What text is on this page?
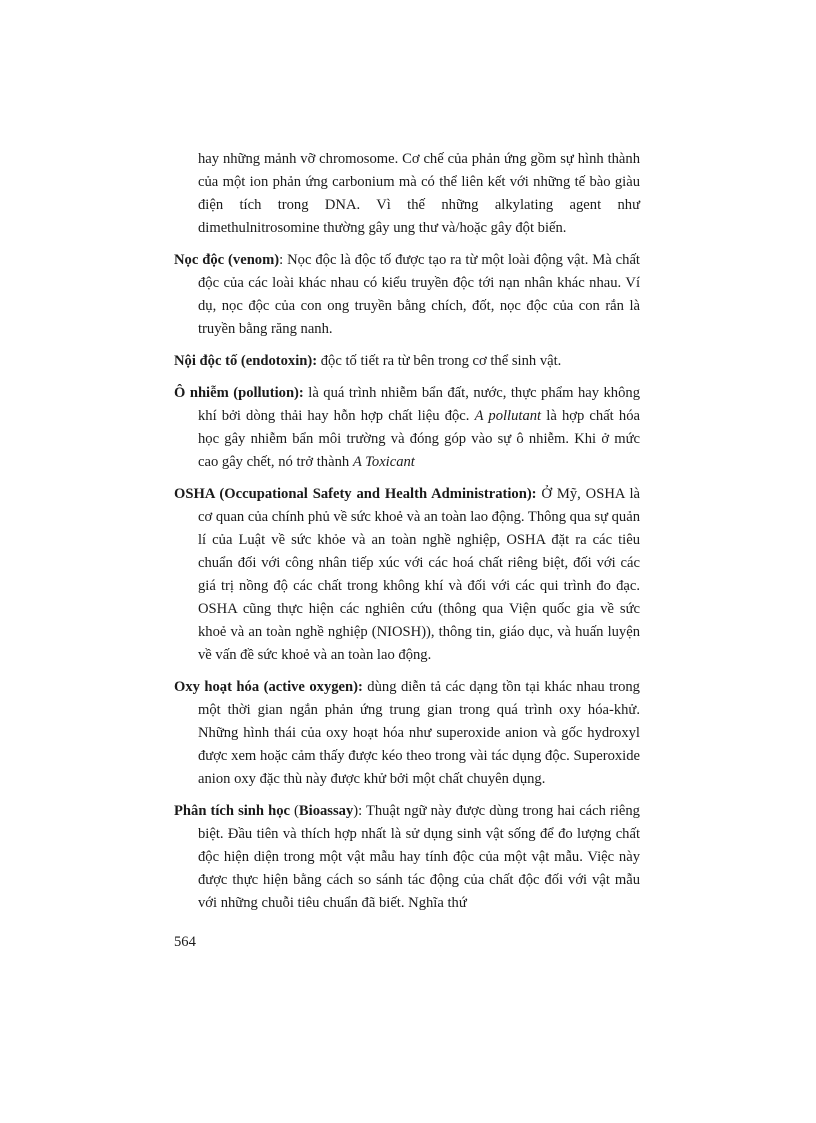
hay những mảnh vỡ chromosome. Cơ chế của phản ứng gồm sự hình thành của một ion phản ứng carbonium mà có thể liên kết với những tế bào giàu điện tích trong DNA. Vì thế những alkylating agent như dimethulnitrosomine thường gây ung thư và/hoặc gây đột biến.

Nọc độc (venom): Nọc độc là độc tố được tạo ra từ một loài động vật. Mà chất độc của các loài khác nhau có kiểu truyền độc tới nạn nhân khác nhau. Ví dụ, nọc độc của con ong truyền bằng chích, đốt, nọc độc của con rắn là truyền bằng răng nanh.

Nội độc tố (endotoxin): độc tố tiết ra từ bên trong cơ thể sinh vật.

Ô nhiễm (pollution): là quá trình nhiễm bẩn đất, nước, thực phẩm hay không khí bởi dòng thải hay hỗn hợp chất liệu độc. A pollutant là hợp chất hóa học gây nhiễm bẩn môi trường và đóng góp vào sự ô nhiễm. Khi ở mức cao gây chết, nó trở thành A Toxicant

OSHA (Occupational Safety and Health Administration): Ở Mỹ, OSHA là cơ quan của chính phủ về sức khoẻ và an toàn lao động. Thông qua sự quản lí của Luật về sức khỏe và an toàn nghề nghiệp, OSHA đặt ra các tiêu chuẩn đối với công nhân tiếp xúc với các hoá chất riêng biệt, đối với các giá trị nồng độ các chất trong không khí và đối với các qui trình đo đạc. OSHA cũng thực hiện các nghiên cứu (thông qua Viện quốc gia về sức khoẻ và an toàn nghề nghiệp (NIOSH)), thông tin, giáo dục, và huấn luyện về vấn đề sức khoẻ và an toàn lao động.

Oxy hoạt hóa (active oxygen): dùng diễn tả các dạng tồn tại khác nhau trong một thời gian ngắn phản ứng trung gian trong quá trình oxy hóa-khử. Những hình thái của oxy hoạt hóa như superoxide anion và gốc hydroxyl được xem hoặc cảm thấy được kéo theo trong vài tác dụng độc. Superoxide anion oxy đặc thù này được khử bởi một chất chuyên dụng.

Phân tích sinh học (Bioassay): Thuật ngữ này được dùng trong hai cách riêng biệt. Đầu tiên và thích hợp nhất là sử dụng sinh vật sống để đo lượng chất độc hiện diện trong một vật mẫu hay tính độc của một vật mẫu. Việc này được thực hiện bằng cách so sánh tác động của chất độc đối với vật mẫu với những chuỗi tiêu chuẩn đã biết. Nghĩa thứ

564
